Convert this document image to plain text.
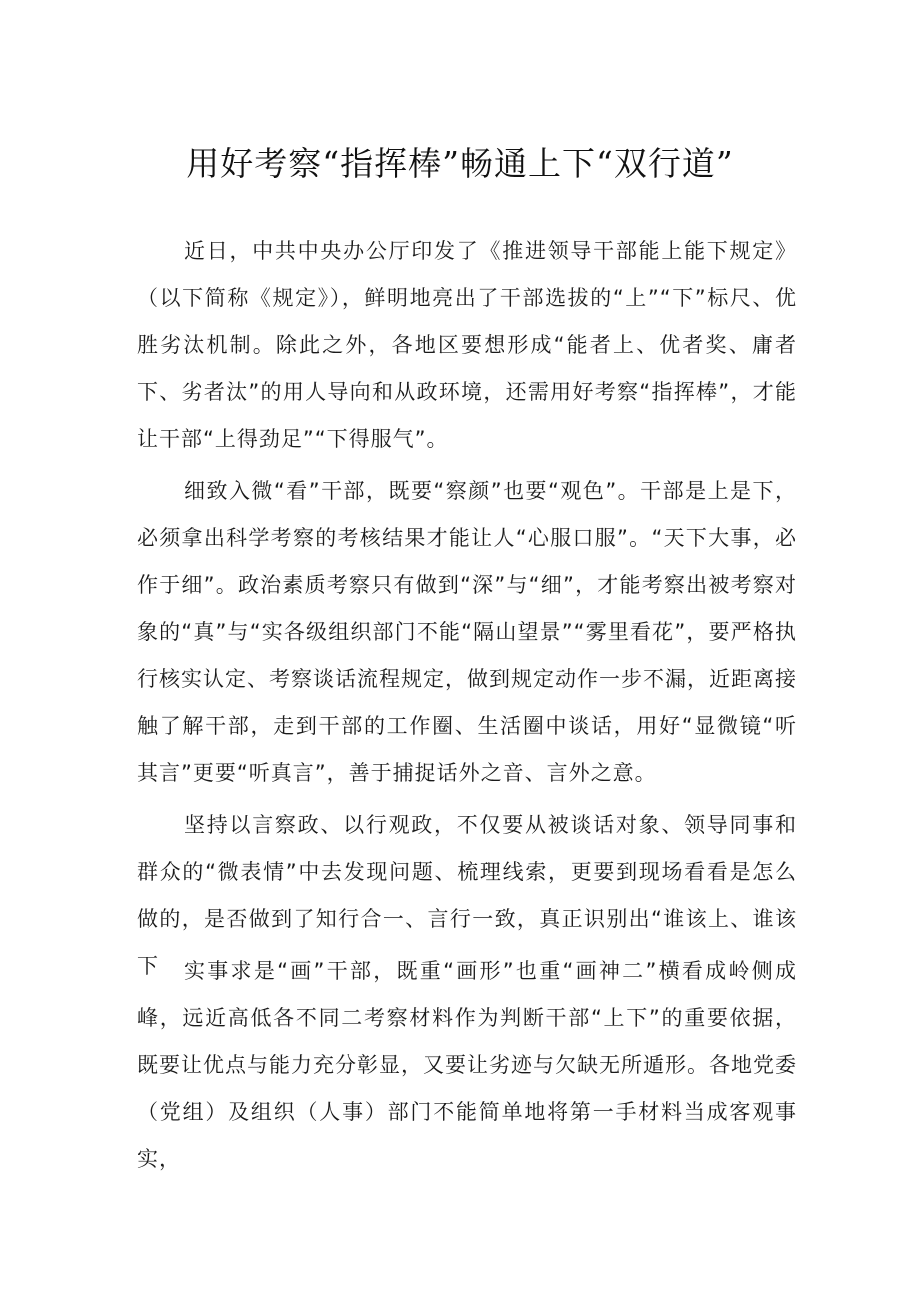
用好考察“指挥棒”畅通上下“双行道”

近日，中共中央办公厅印发了《推进领导干部能上能下规定》（以下简称《规定》），鲜明地亮出了干部选拔的“上”“下”标尺、优胜劣汰机制。除此之外，各地区要想形成“能者上、优者奖、庸者下、劣者汰”的用人导向和从政环境，还需用好考察“指挥棒”，才能让干部“上得劲足”“下得服气”。

细致入微“看”干部，既要“察颜”也要“观色”。干部是上是下，必须拿出科学考察的考核结果才能让人“心服口服”。“天下大事，必作于细”。政治素质考察只有做到“深”与“细”，才能考察出被考察对象的“真”与“实各级组织部门不能“隔山望景”“雾里看花”，要严格执行核实认定、考察谈话流程规定，做到规定动作一步不漏，近距离接触了解干部，走到干部的工作圈、生活圈中谈话，用好“显微镜“听其言”更要“听真言”，善于捕捉话外之音、言外之意。

坚持以言察政、以行观政，不仅要从被谈话对象、领导同事和群众的“微表情”中去发现问题、梳理线索，更要到现场看看是怎么做的，是否做到了知行合一、言行一致，真正识别出“谁该上、谁该下	实事求是“画”干部，既重“画形”也重“画神二”横看成岭侧成峰，远近高低各不同二考察材料作为判断干部“上下”的重要依据，既要让优点与能力充分彰显，又要让劣迹与欠缺无所遁形。各地党委（党组）及组织（人事）部门不能简单地将第一手材料当成客观事实，
